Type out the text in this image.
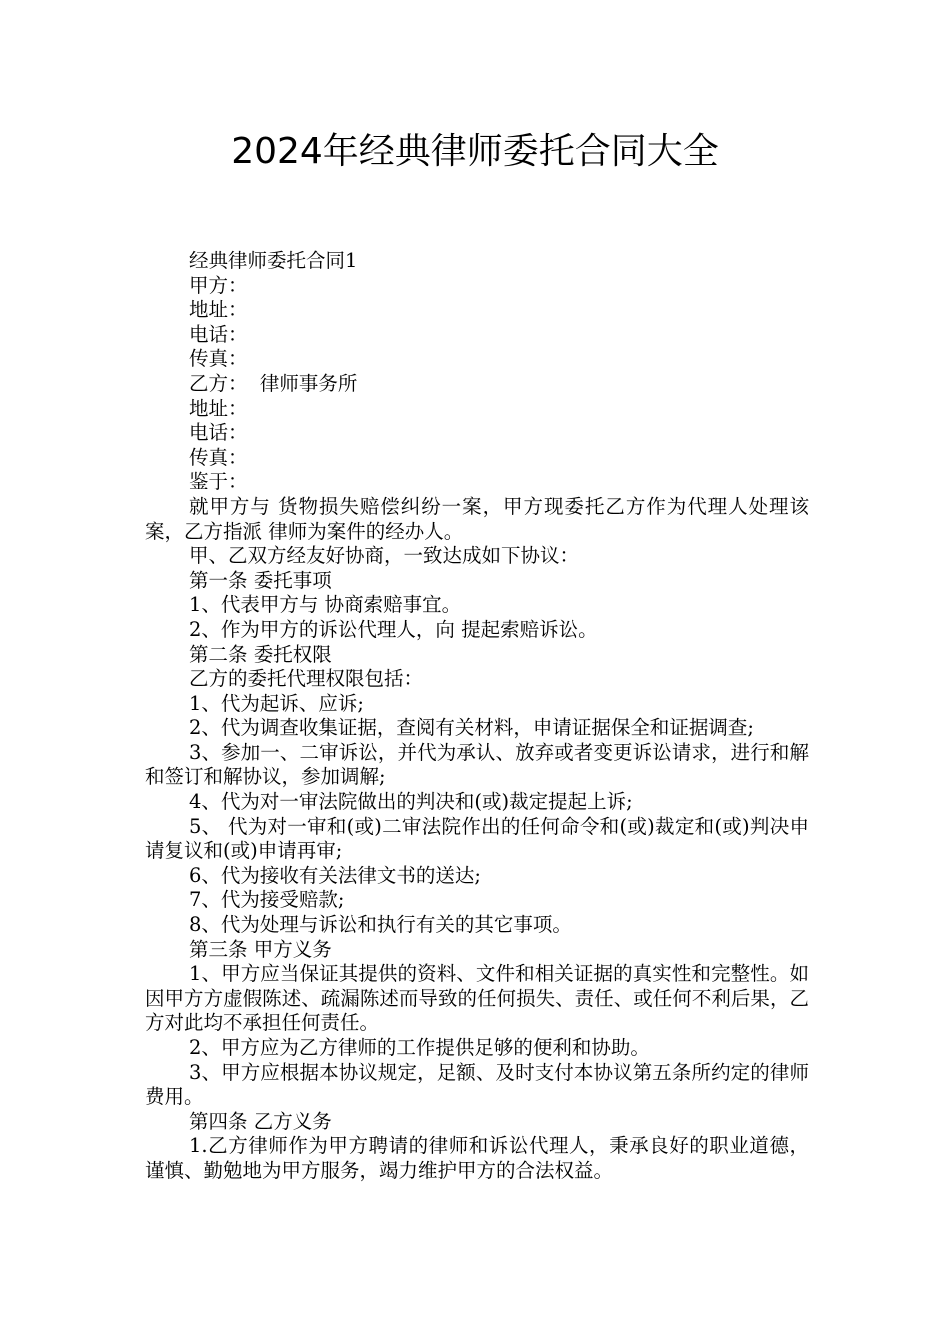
2024年经典律师委托合同大全

经典律师委托合同1

甲方：

地址：

电话：

传真：

乙方：  律师事务所

地址：

电话：

传真：

鉴于：

就甲方与 货物损失赔偿纠纷一案，甲方现委托乙方作为代理人处理该案，乙方指派 律师为案件的经办人。

甲、乙双方经友好协商，一致达成如下协议：

第一条 委托事项

1、代表甲方与 协商索赔事宜。

2、作为甲方的诉讼代理人，向 提起索赔诉讼。

第二条 委托权限

乙方的委托代理权限包括：

1、代为起诉、应诉;

2、代为调查收集证据，查阅有关材料，申请证据保全和证据调查;

3、参加一、二审诉讼，并代为承认、放弃或者变更诉讼请求，进行和解和签订和解协议，参加调解;

4、代为对一审法院做出的判决和(或)裁定提起上诉;

5、 代为对一审和(或)二审法院作出的任何命令和(或)裁定和(或)判决申请复议和(或)申请再审;

6、代为接收有关法律文书的送达;

7、代为接受赔款;

8、代为处理与诉讼和执行有关的其它事项。

第三条 甲方义务

1、甲方应当保证其提供的资料、文件和相关证据的真实性和完整性。如因甲方方虚假陈述、疏漏陈述而导致的任何损失、责任、或任何不利后果，乙方对此均不承担任何责任。

2、甲方应为乙方律师的工作提供足够的便利和协助。

3、甲方应根据本协议规定，足额、及时支付本协议第五条所约定的律师费用。

第四条 乙方义务

1.乙方律师作为甲方聘请的律师和诉讼代理人，秉承良好的职业道德，谨慎、勤勉地为甲方服务，竭力维护甲方的合法权益。
